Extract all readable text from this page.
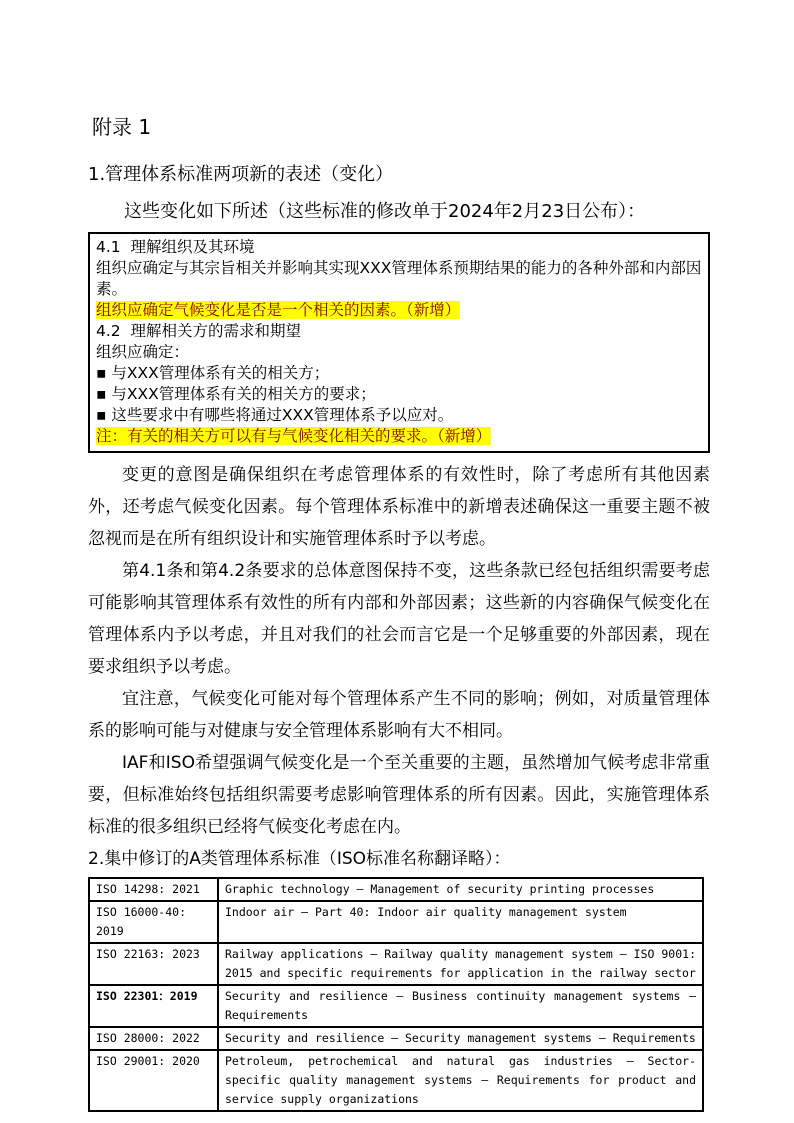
附录 1

1.管理体系标准两项新的表述（变化）

这些变化如下所述（这些标准的修改单于2024年2月23日公布）：

4.1  理解组织及其环境
组织应确定与其宗旨相关并影响其实现XXX管理体系预期结果的能力的各种外部和内部因素。
组织应确定气候变化是否是一个相关的因素。（新增）
4.2  理解相关方的需求和期望
组织应确定：
▪ 与XXX管理体系有关的相关方；
▪ 与XXX管理体系有关的相关方的要求；
▪ 这些要求中有哪些将通过XXX管理体系予以应对。
注：有关的相关方可以有与气候变化相关的要求。（新增）

变更的意图是确保组织在考虑管理体系的有效性时，除了考虑所有其他因素外，还考虑气候变化因素。每个管理体系标准中的新增表述确保这一重要主题不被忽视而是在所有组织设计和实施管理体系时予以考虑。

第4.1条和第4.2条要求的总体意图保持不变，这些条款已经包括组织需要考虑可能影响其管理体系有效性的所有内部和外部因素；这些新的内容确保气候变化在管理体系内予以考虑，并且对我们的社会而言它是一个足够重要的外部因素，现在要求组织予以考虑。

宜注意，气候变化可能对每个管理体系产生不同的影响；例如，对质量管理体系的影响可能与对健康与安全管理体系影响有大不相同。

IAF和ISO希望强调气候变化是一个至关重要的主题，虽然增加气候考虑非常重要，但标准始终包括组织需要考虑影响管理体系的所有因素。因此，实施管理体系标准的很多组织已经将气候变化考虑在内。

2.集中修订的A类管理体系标准（ISO标准名称翻译略）：

ISO 14298: 2021	Graphic technology — Management of security printing processes
ISO 16000-40: 2019	Indoor air — Part 40: Indoor air quality management system
ISO 22163: 2023	Railway applications — Railway quality management system — ISO 9001: 2015 and specific requirements for application in the railway sector
ISO 22301：2019	Security and resilience — Business continuity management systems — Requirements
ISO 28000: 2022	Security and resilience — Security management systems — Requirements
ISO 29001: 2020	Petroleum, petrochemical and natural gas industries — Sector-specific quality management systems — Requirements for product and service supply organizations
